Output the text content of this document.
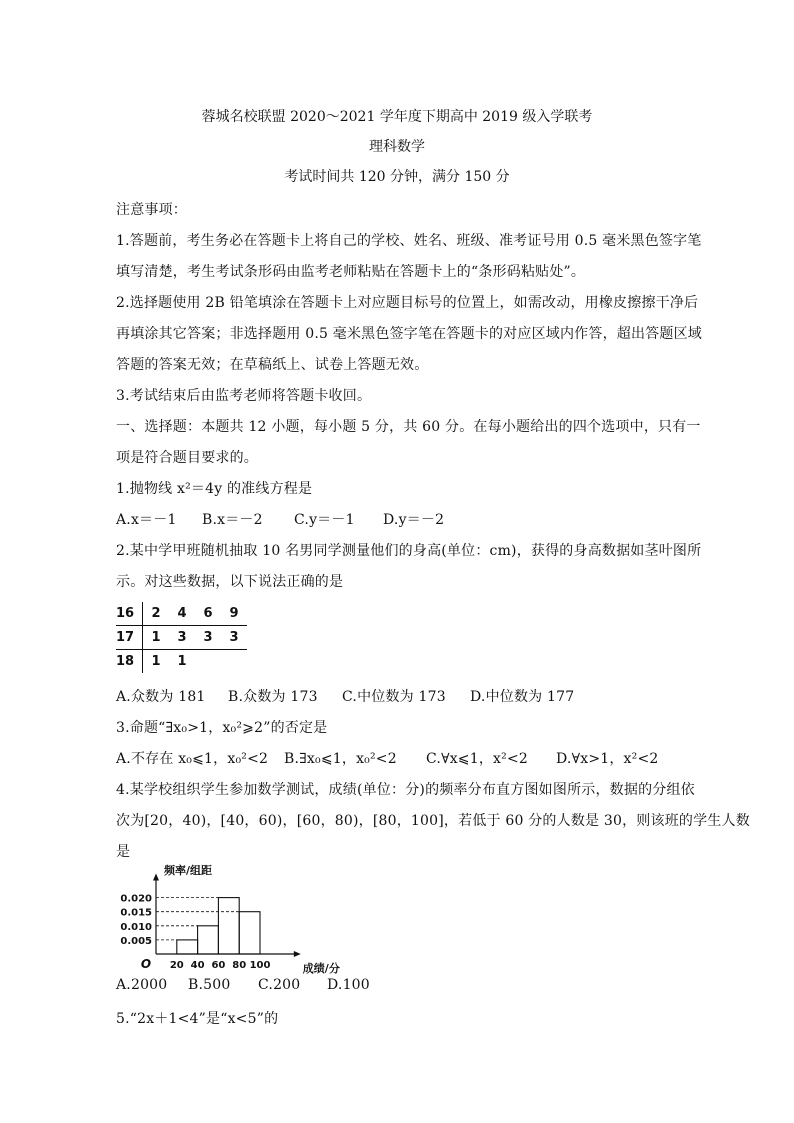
蓉城名校联盟 2020～2021 学年度下期高中 2019 级入学联考
理科数学
考试时间共 120 分钟，满分 150 分
注意事项：
1.答题前，考生务必在答题卡上将自己的学校、姓名、班级、准考证号用 0.5 毫米黑色签字笔
填写清楚，考生考试条形码由监考老师粘贴在答题卡上的“条形码粘贴处”。
2.选择题使用 2B 铅笔填涂在答题卡上对应题目标号的位置上，如需改动，用橡皮擦擦干净后
再填涂其它答案；非选择题用 0.5 毫米黑色签字笔在答题卡的对应区域内作答，超出答题区域
答题的答案无效；在草稿纸上、试卷上答题无效。
3.考试结束后由监考老师将答题卡收回。
一、选择题：本题共 12 小题，每小题 5 分，共 60 分。在每小题给出的四个选项中，只有一
项是符合题目要求的。
1.抛物线 x²＝4y 的准线方程是
A.x＝－1 B.x＝－2 C.y＝－1 D.y＝－2
2.某中学甲班随机抽取 10 名男同学测量他们的身高(单位：cm)，获得的身高数据如茎叶图所
示。对这些数据，以下说法正确的是
16	2	4	6	9
17	1	3	3	3
18	1	1		
A.众数为 181 B.众数为 173 C.中位数为 173 D.中位数为 177
3.命题“∃x₀>1，x₀²⩾2”的否定是
A.不存在 x₀⩽1，x₀²<2 B.∃x₀⩽1，x₀²<2 C.∀x⩽1，x²<2 D.∀x>1，x²<2
4.某学校组织学生参加数学测试，成绩(单位：分)的频率分布直方图如图所示，数据的分组依
次为[20，40)，[40，60)，[60，80)，[80，100]，若低于 60 分的人数是 30，则该班的学生人数
是
0.020
0.015
0.010
0.005
20 40 60 80 100
O
频率/组距
成绩/分
A.2000 B.500 C.200 D.100
5.“2x＋1<4”是“x<5”的
